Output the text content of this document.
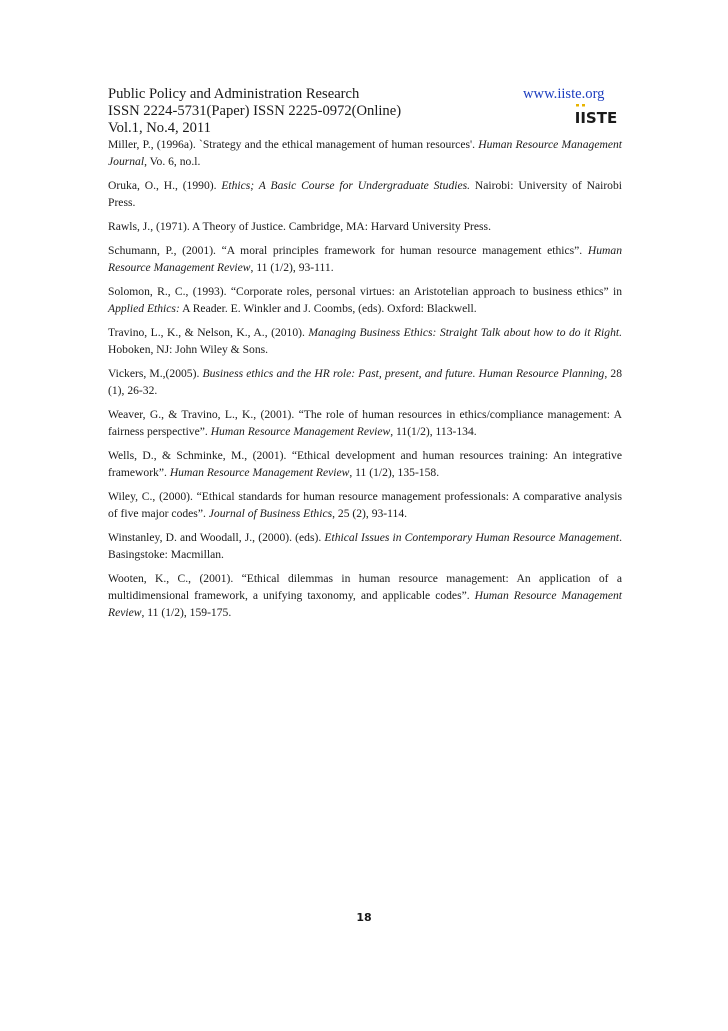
Public Policy and Administration Research
ISSN 2224-5731(Paper) ISSN 2225-0972(Online)
Vol.1, No.4, 2011
www.iiste.org
IISTE

Miller, P., (1996a). `Strategy and the ethical management of human resources'. Human Resource Management Journal, Vo. 6, no.l.

Oruka, O., H., (1990). Ethics; A Basic Course for Undergraduate Studies. Nairobi: University of Nairobi Press.

Rawls, J., (1971). A Theory of Justice. Cambridge, MA: Harvard University Press.

Schumann, P., (2001). “A moral principles framework for human resource management ethics”. Human Resource Management Review, 11 (1/2), 93-111.

Solomon, R., C., (1993). “Corporate roles, personal virtues: an Aristotelian approach to business ethics” in Applied Ethics: A Reader. E. Winkler and J. Coombs, (eds). Oxford: Blackwell.

Travino, L., K., & Nelson, K., A., (2010). Managing Business Ethics: Straight Talk about how to do it Right. Hoboken, NJ: John Wiley & Sons.

Vickers, M.,(2005). Business ethics and the HR role: Past, present, and future. Human Resource Planning, 28 (1), 26-32.

Weaver, G., & Travino, L., K., (2001). “The role of human resources in ethics/compliance management: A fairness perspective”. Human Resource Management Review, 11(1/2), 113-134.

Wells, D., & Schminke, M., (2001). “Ethical development and human resources training: An integrative framework”. Human Resource Management Review, 11 (1/2), 135-158.

Wiley, C., (2000). “Ethical standards for human resource management professionals: A comparative analysis of five major codes”. Journal of Business Ethics, 25 (2), 93-114.

Winstanley, D. and Woodall, J., (2000). (eds). Ethical Issues in Contemporary Human Resource Management. Basingstoke: Macmillan.

Wooten, K., C., (2001). “Ethical dilemmas in human resource management: An application of a multidimensional framework, a unifying taxonomy, and applicable codes”. Human Resource Management Review, 11 (1/2), 159-175.

18
